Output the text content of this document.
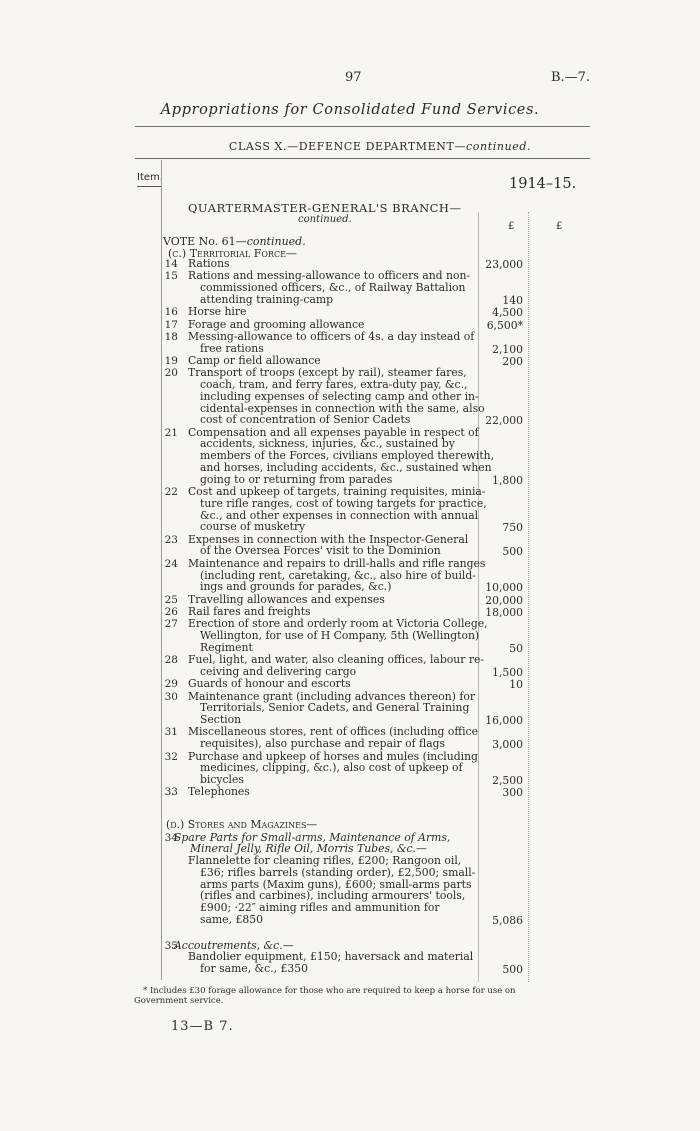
97	B.—7.
Appropriations for Consolidated Fund Services.
CLASS X.—DEFENCE DEPARTMENT—continued.
Item.	1914–15.
£	£
QUARTERMASTER-GENERAL'S BRANCH—
continued.
VOTE No. 61—continued.
(c.) Territorial Force—
14 Rations	23,000
15 Rations and messing-allowance to officers and non-
commissioned officers, &c., of Railway Battalion
attending training-camp	140
16 Horse hire	4,500
17 Forage and grooming allowance	6,500*
18 Messing-allowance to officers of 4s. a day instead of
free rations	2,100
19 Camp or field allowance	200
20 Transport of troops (except by rail), steamer fares,
coach, tram, and ferry fares, extra-duty pay, &c.,
including expenses of selecting camp and other in-
cidental-expenses in connection with the same, also
cost of concentration of Senior Cadets	22,000
21 Compensation and all expenses payable in respect of
accidents, sickness, injuries, &c., sustained by
members of the Forces, civilians employed therewith,
and horses, including accidents, &c., sustained when
going to or returning from parades	1,800
22 Cost and upkeep of targets, training requisites, minia-
ture rifle ranges, cost of towing targets for practice,
&c., and other expenses in connection with annual
course of musketry	750
23 Expenses in connection with the Inspector-General
of the Oversea Forces' visit to the Dominion	500
24 Maintenance and repairs to drill-halls and rifle ranges
(including rent, caretaking, &c., also hire of build-
ings and grounds for parades, &c.)	10,000
25 Travelling allowances and expenses	20,000
26 Rail fares and freights	18,000
27 Erection of store and orderly room at Victoria College,
Wellington, for use of H Company, 5th (Wellington)
Regiment	50
28 Fuel, light, and water, also cleaning offices, labour re-
ceiving and delivering cargo	1,500
29 Guards of honour and escorts	10
30 Maintenance grant (including advances thereon) for
Territorials, Senior Cadets, and General Training
Section	16,000
31 Miscellaneous stores, rent of offices (including office
requisites), also purchase and repair of flags	3,000
32 Purchase and upkeep of horses and mules (including
medicines, clipping, &c.), also cost of upkeep of
bicycles	2,500
33 Telephones	300
(d.) Stores and Magazines—
34
Spare Parts for Small-arms, Maintenance of Arms,
Mineral Jelly, Rifle Oil, Morris Tubes, &c.—
Flannelette for cleaning rifles, £200; Rangoon oil,
£36; rifles barrels (standing order), £2,500; small-
arms parts (Maxim guns), £600; small-arms parts
(rifles and carbines), including armourers' tools,
£900; ·22″ aiming rifles and ammunition for
same, £850	5,086
35
Accoutrements, &c.—
Bandolier equipment, £150; haversack and material
for same, &c., £350	500
* Includes £30 forage allowance for those who are required to keep a horse for use on
Government service.
13—B 7.
